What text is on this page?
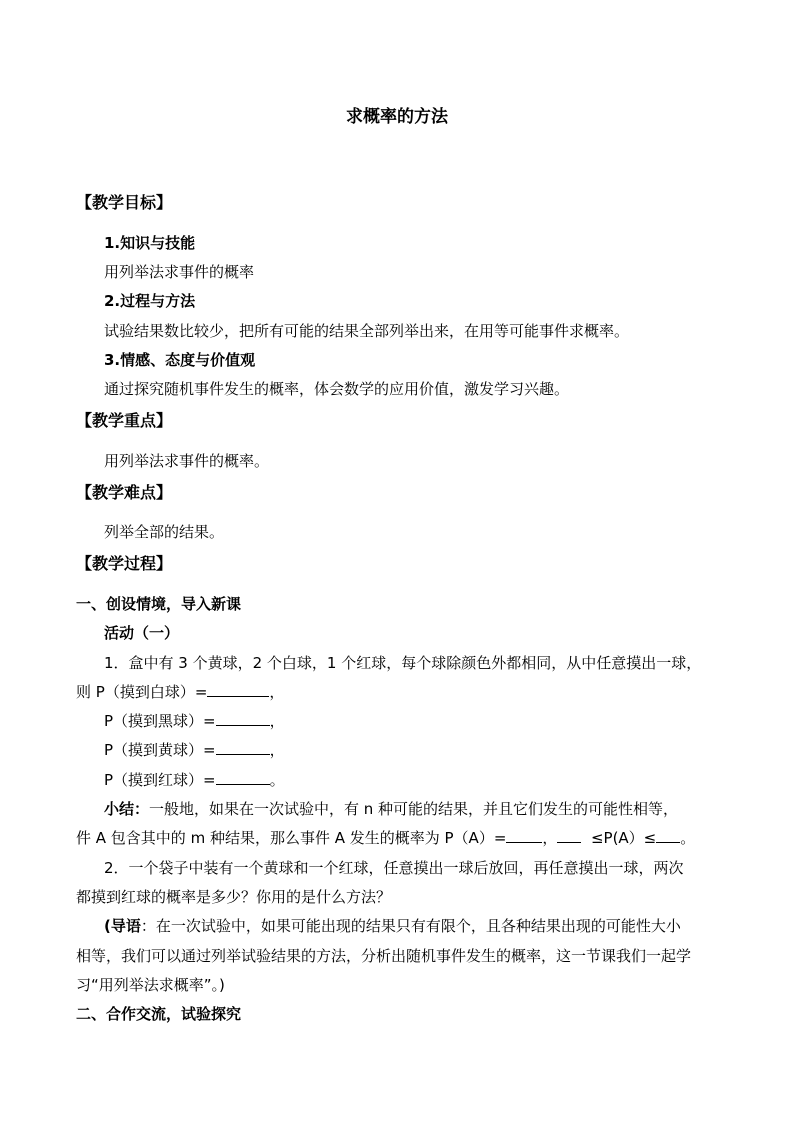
求概率的方法
【教学目标】
1.知识与技能
用列举法求事件的概率
2.过程与方法
试验结果数比较少，把所有可能的结果全部列举出来，在用等可能事件求概率。
3.情感、态度与价值观
通过探究随机事件发生的概率，体会数学的应用价值，激发学习兴趣。
【教学重点】
用列举法求事件的概率。
【教学难点】
列举全部的结果。
【教学过程】
一、创设情境，导入新课
活动（一）
1．盒中有 3 个黄球，2 个白球，1 个红球，每个球除颜色外都相同，从中任意摸出一球，
则 P（摸到白球）=	，
P（摸到黑球）=	，
P（摸到黄球）=	，
P（摸到红球）=	。
小结：一般地，如果在一次试验中，有 n 种可能的结果，并且它们发生的可能性相等，
件 A 包含其中的 m 种结果，那么事件 A 发生的概率为 P（A）= ， ≤P(A）≤ 。
2．一个袋子中装有一个黄球和一个红球，任意摸出一球后放回，再任意摸出一球，两次
都摸到红球的概率是多少？你用的是什么方法？
(导语：在一次试验中，如果可能出现的结果只有有限个，且各种结果出现的可能性大小
相等，我们可以通过列举试验结果的方法，分析出随机事件发生的概率，这一节课我们一起学
习“用列举法求概率”。)
二、合作交流，试验探究
